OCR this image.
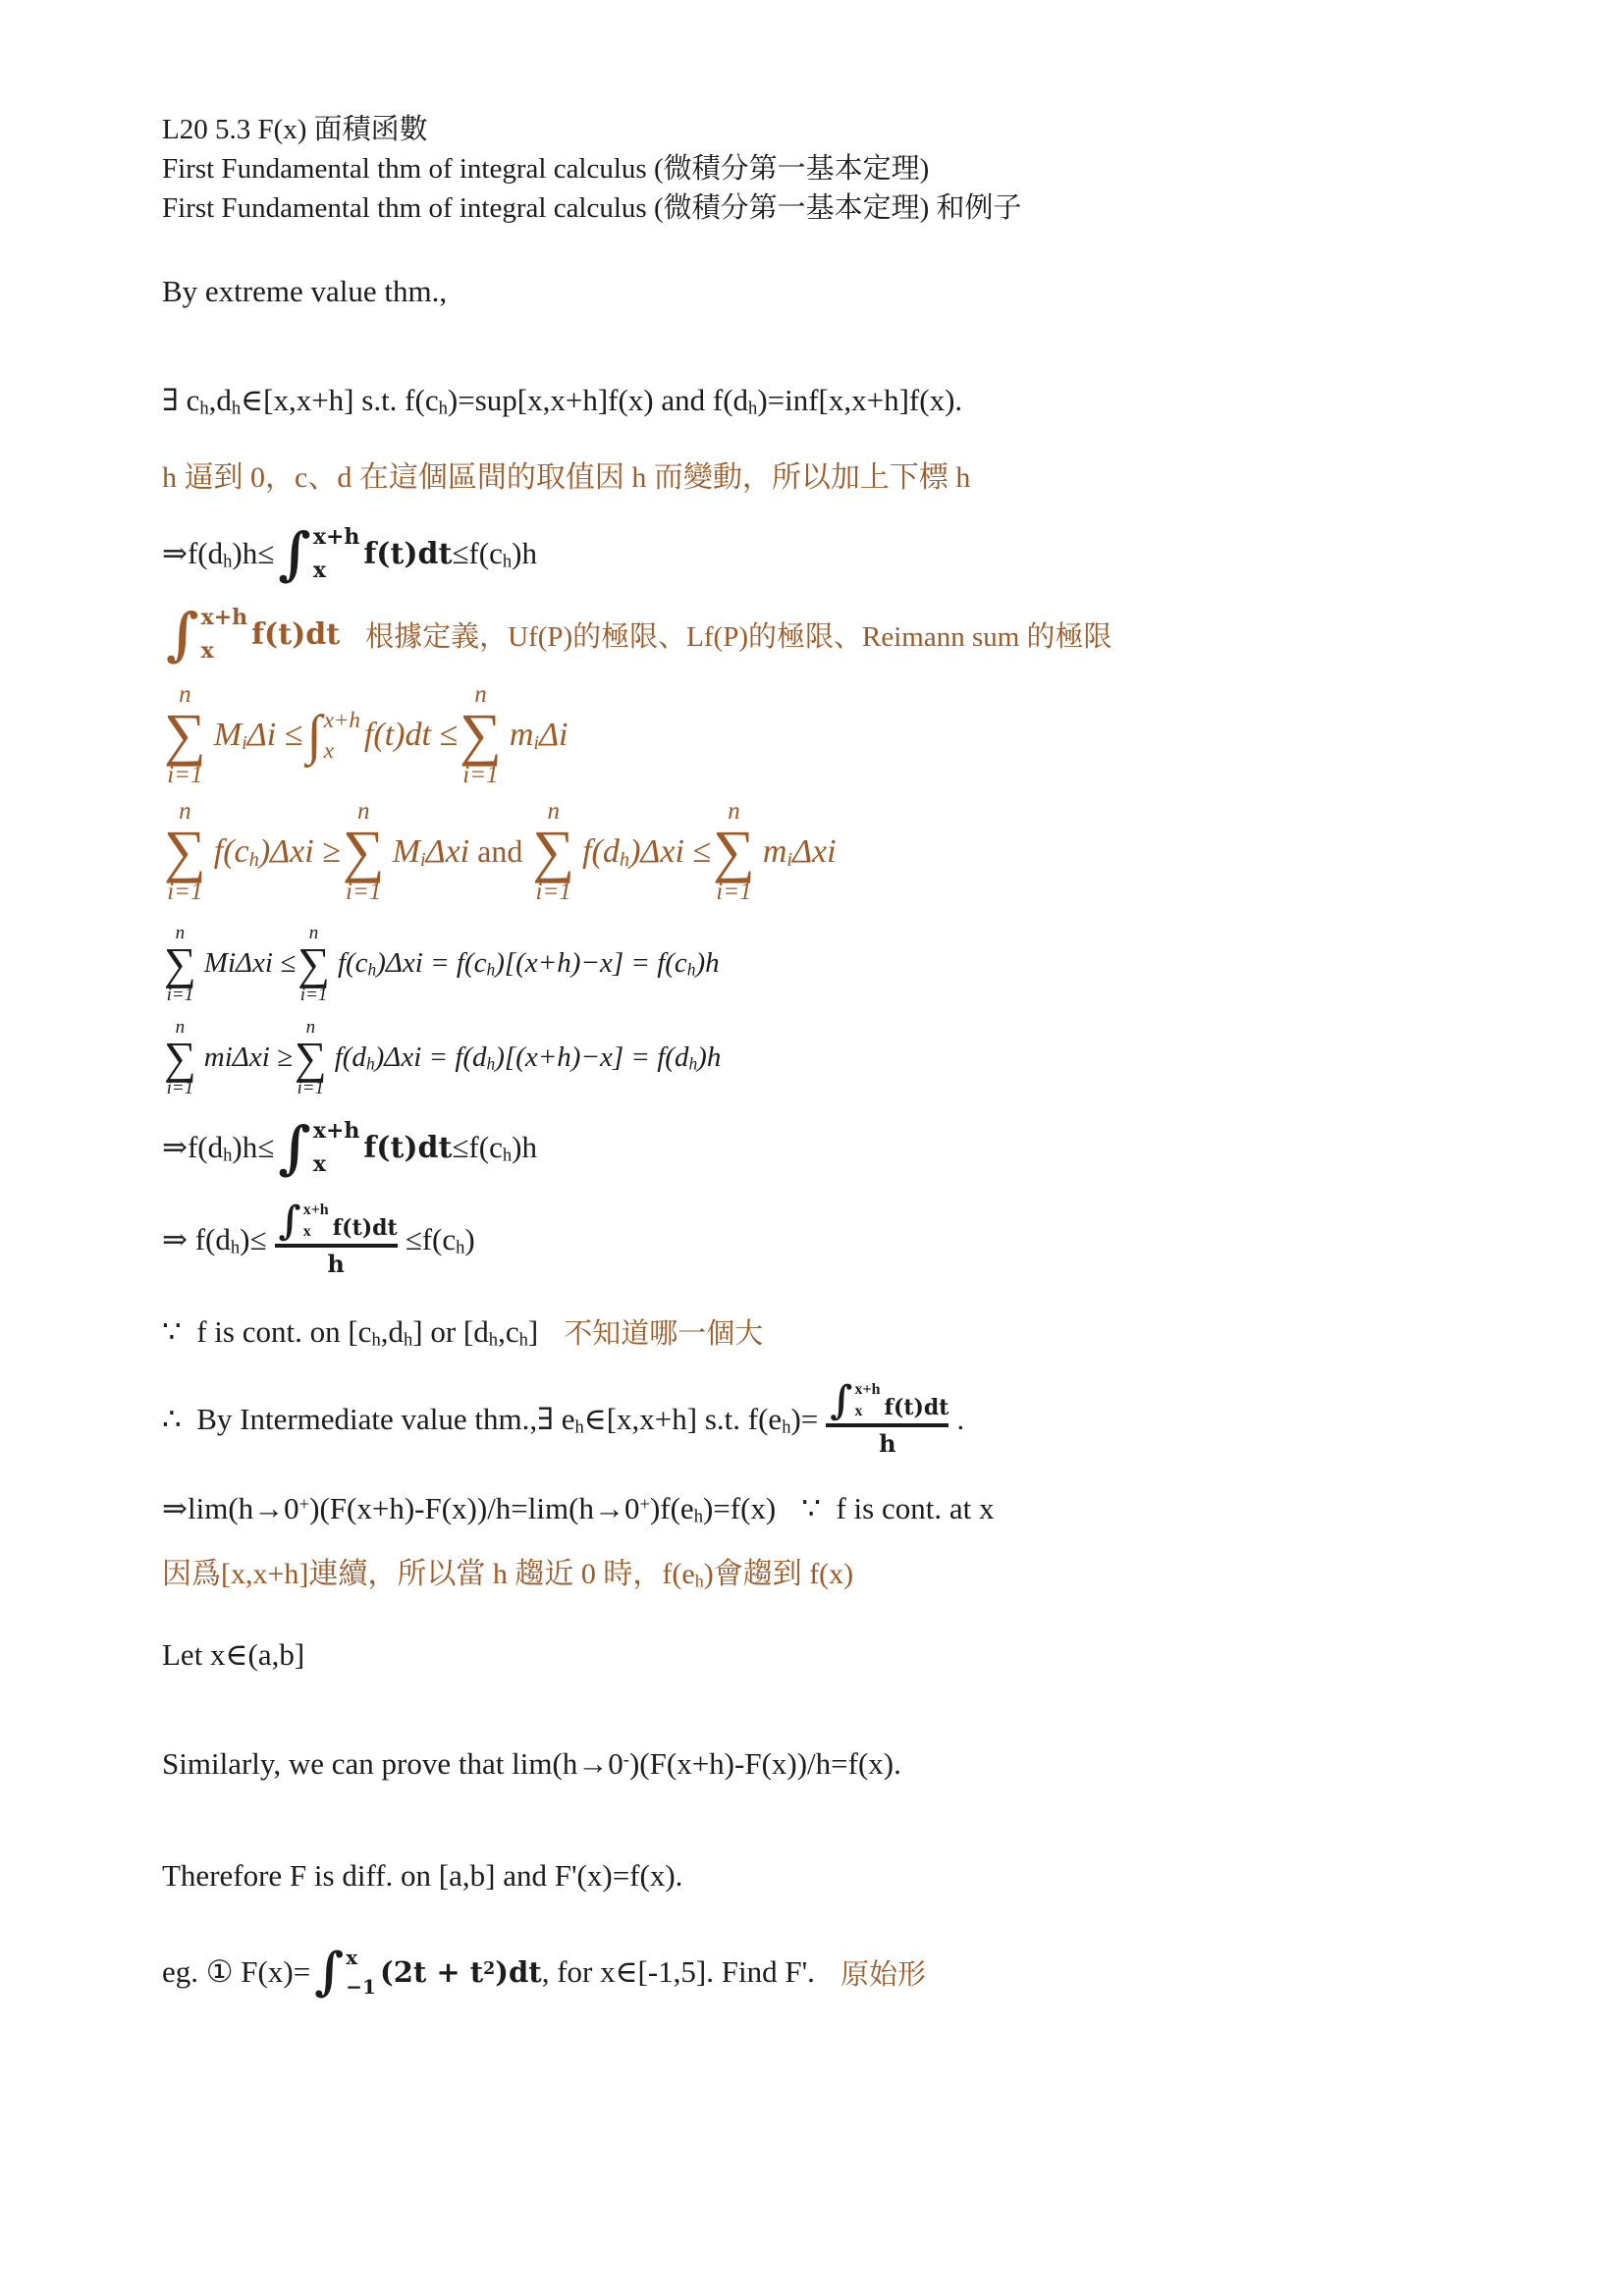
L20 5.3 F(x) 面積函數
First Fundamental thm of integral calculus (微積分第一基本定理)
First Fundamental thm of integral calculus (微積分第一基本定理) 和例子
By extreme value thm.,
∃ $c_h,d_h\in[x,x+h]$ s.t. $f(c_h)=sup[x,x+h]f(x)$ and $f(d_h)=inf[x,x+h]f(x)$.
h 逼到 0，c、d 在這個區間的取值因 h 而變動，所以加上下標 h
$\Rightarrow f(d_h)h\le$ ∫ x+h
x	$f(t)dt \le f(c_h)h$
∫ x+h
x	f(t)dt 根據定義，Uf(P)的極限、Lf(P)的極限、Reimann sum 的極限
n
∑
i=1
$M_i\Delta i$ ≤ ∫ x+h
x f(t)dt ≤
n
∑
i=1
$m_i\Delta i$
n
∑
i=1
$f(c_h)\Delta xi$ ≥
n
∑
i=1
$M_i\Delta xi$ and
n
∑
i=1
$f(d_h)\Delta xi$ ≤
n
∑
i=1
$m_i\Delta xi$
n
∑
i=1
MiΔxi ≤
n
∑
i=1
$f(c_h)\Delta xi = f(c_h)[(x+h)-x] = f(c_h)h$
n
∑
i=1
miΔxi ≥
n
∑
i=1
$f(d_h)\Delta xi = f(d_h)[(x+h)-x] = f(d_h)h$
$\Rightarrow f(d_h)h\le$ ∫ x+h
x	$f(t)dt \le f(c_h)h$
⇒ $f(d_h)\le$ ∫ x+h
x	f(t)dt
$h \le f(c_h)$
∵  f is cont. on $[c_h,d_h]$ or $[d_h,c_h]$ 不知道哪一個大
∴  By Intermediate value thm.,∃ $e_h\in[x,x+h]$ s.t. $f(e_h)=$ ∫ x+h
x	f(t)dt
h .
$\Rightarrow\lim(h\to 0^+)(F(x+h)-F(x))/h=\lim(h\to 0^+)f(e_h)=f(x)$ ∵  f is cont. at x
因爲[x,x+h]連續，所以當 h 趨近 0 時，$f(e_h)$會趨到 f(x)
Let x∈(a,b]
Similarly, we can prove that lim(h→0-)(F(x+h)-F(x))/h=f(x).
Therefore F is diff. on [a,b] and F'(x)=f(x).
eg. ① F(x)= ∫ x
−1 $(2t + t^2)dt$ , for x∈[-1,5]. Find F'. 原始形
